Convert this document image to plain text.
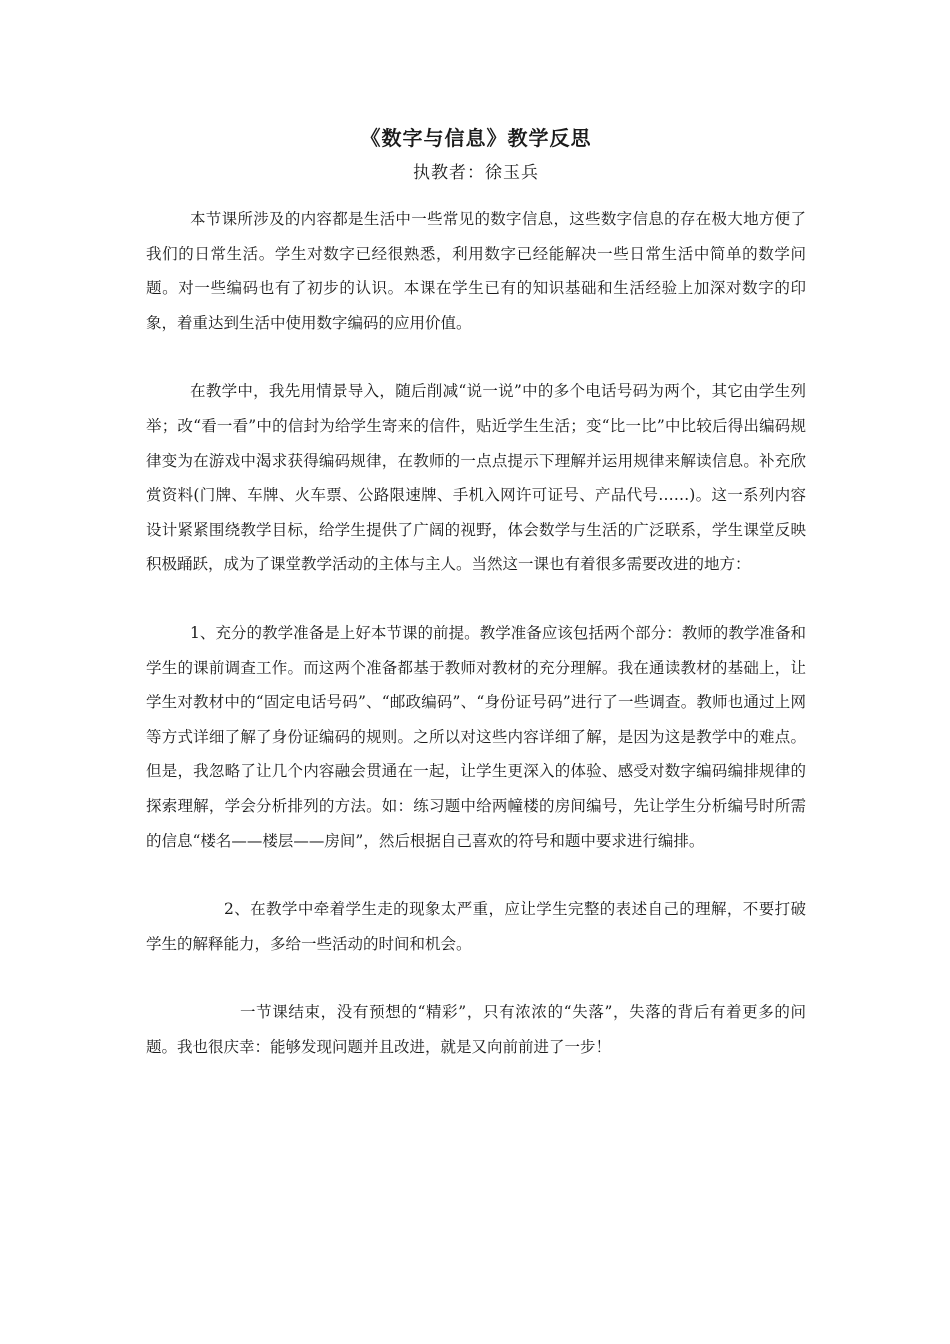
《数字与信息》教学反思
执教者：徐玉兵

本节课所涉及的内容都是生活中一些常见的数字信息，这些数字信息的存在极大地方便了我们的日常生活。学生对数字已经很熟悉，利用数字已经能解决一些日常生活中简单的数学问题。对一些编码也有了初步的认识。本课在学生已有的知识基础和生活经验上加深对数字的印象，着重达到生活中使用数字编码的应用价值。

在教学中，我先用情景导入，随后削减“说一说”中的多个电话号码为两个，其它由学生列举；改“看一看”中的信封为给学生寄来的信件，贴近学生生活；变“比一比”中比较后得出编码规律变为在游戏中渴求获得编码规律，在教师的一点点提示下理解并运用规律来解读信息。补充欣赏资料(门牌、车牌、火车票、公路限速牌、手机入网许可证号、产品代号……)。这一系列内容设计紧紧围绕教学目标，给学生提供了广阔的视野，体会数学与生活的广泛联系，学生课堂反映积极踊跃，成为了课堂教学活动的主体与主人。当然这一课也有着很多需要改进的地方：

1、充分的教学准备是上好本节课的前提。教学准备应该包括两个部分：教师的教学准备和学生的课前调查工作。而这两个准备都基于教师对教材的充分理解。我在通读教材的基础上，让学生对教材中的“固定电话号码”、“邮政编码”、“身份证号码”进行了一些调查。教师也通过上网等方式详细了解了身份证编码的规则。之所以对这些内容详细了解，是因为这是教学中的难点。但是，我忽略了让几个内容融会贯通在一起，让学生更深入的体验、感受对数字编码编排规律的探索理解，学会分析排列的方法。如：练习题中给两幢楼的房间编号，先让学生分析编号时所需的信息“楼名——楼层——房间”，然后根据自己喜欢的符号和题中要求进行编排。

2、在教学中牵着学生走的现象太严重，应让学生完整的表述自己的理解，不要打破学生的解释能力，多给一些活动的时间和机会。

一节课结束，没有预想的“精彩”，只有浓浓的“失落”，失落的背后有着更多的问题。我也很庆幸：能够发现问题并且改进，就是又向前前进了一步！
